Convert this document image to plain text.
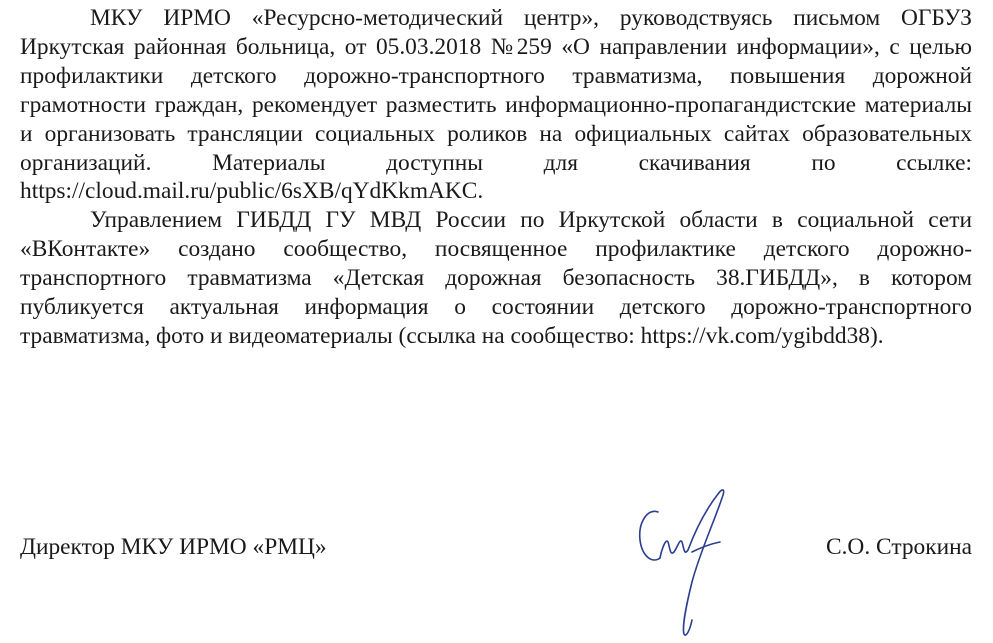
МКУ ИРМО «Ресурсно-методический центр», руководствуясь письмом ОГБУЗ Иркутская районная больница, от 05.03.2018 №259 «О направлении информации», с целью профилактики детского дорожно-транспортного травматизма, повышения дорожной грамотности граждан, рекомендует разместить информационно-пропагандистские материалы и организовать трансляции социальных роликов на официальных сайтах образовательных организаций. Материалы доступны для скачивания по ссылке: https://cloud.mail.ru/public/6sXB/qYdKkmAKC.

Управлением ГИБДД ГУ МВД России по Иркутской области в социальной сети «ВКонтакте» создано сообщество, посвященное профилактике детского дорожно-транспортного травматизма «Детская дорожная безопасность 38.ГИБДД», в котором публикуется актуальная информация о состоянии детского дорожно-транспортного травматизма, фото и видеоматериалы (ссылка на сообщество: https://vk.com/ygibdd38).

Директор МКУ ИРМО «РМЦ»	С.О. Строкина
